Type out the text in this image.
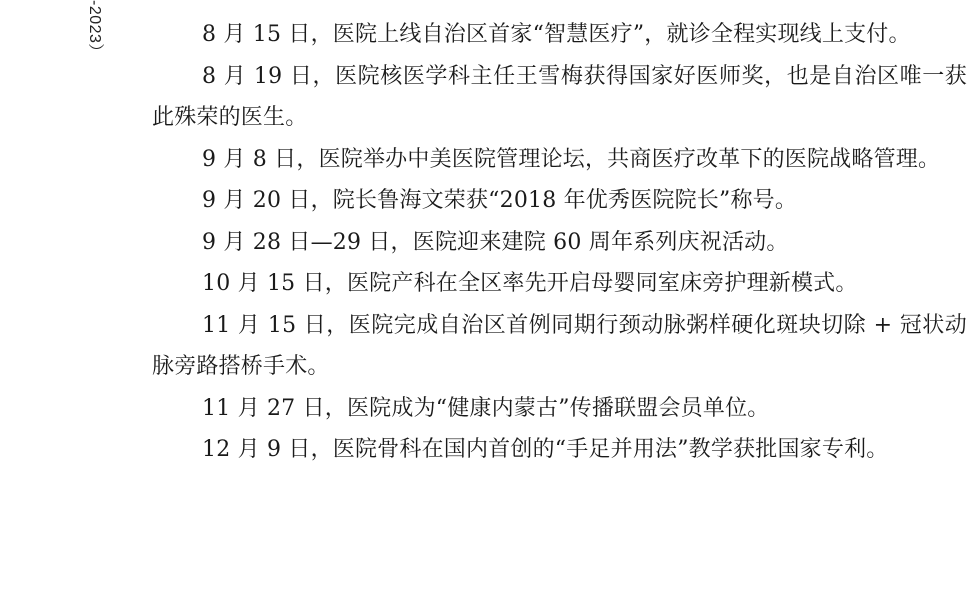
-2023）	8 月 15 日，医院上线自治区首家“智慧医疗”，就诊全程实现线上支付。

8 月 19 日，医院核医学科主任王雪梅获得国家好医师奖，也是自治区唯一获此殊荣的医生。

9 月 8 日，医院举办中美医院管理论坛，共商医疗改革下的医院战略管理。

9 月 20 日，院长鲁海文荣获“2018 年优秀医院院长”称号。

9 月 28 日—29 日，医院迎来建院 60 周年系列庆祝活动。

10 月 15 日，医院产科在全区率先开启母婴同室床旁护理新模式。

11 月 15 日，医院完成自治区首例同期行颈动脉粥样硬化斑块切除 + 冠状动脉旁路搭桥手术。

11 月 27 日，医院成为“健康内蒙古”传播联盟会员单位。

12 月 9 日，医院骨科在国内首创的“手足并用法”教学获批国家专利。
